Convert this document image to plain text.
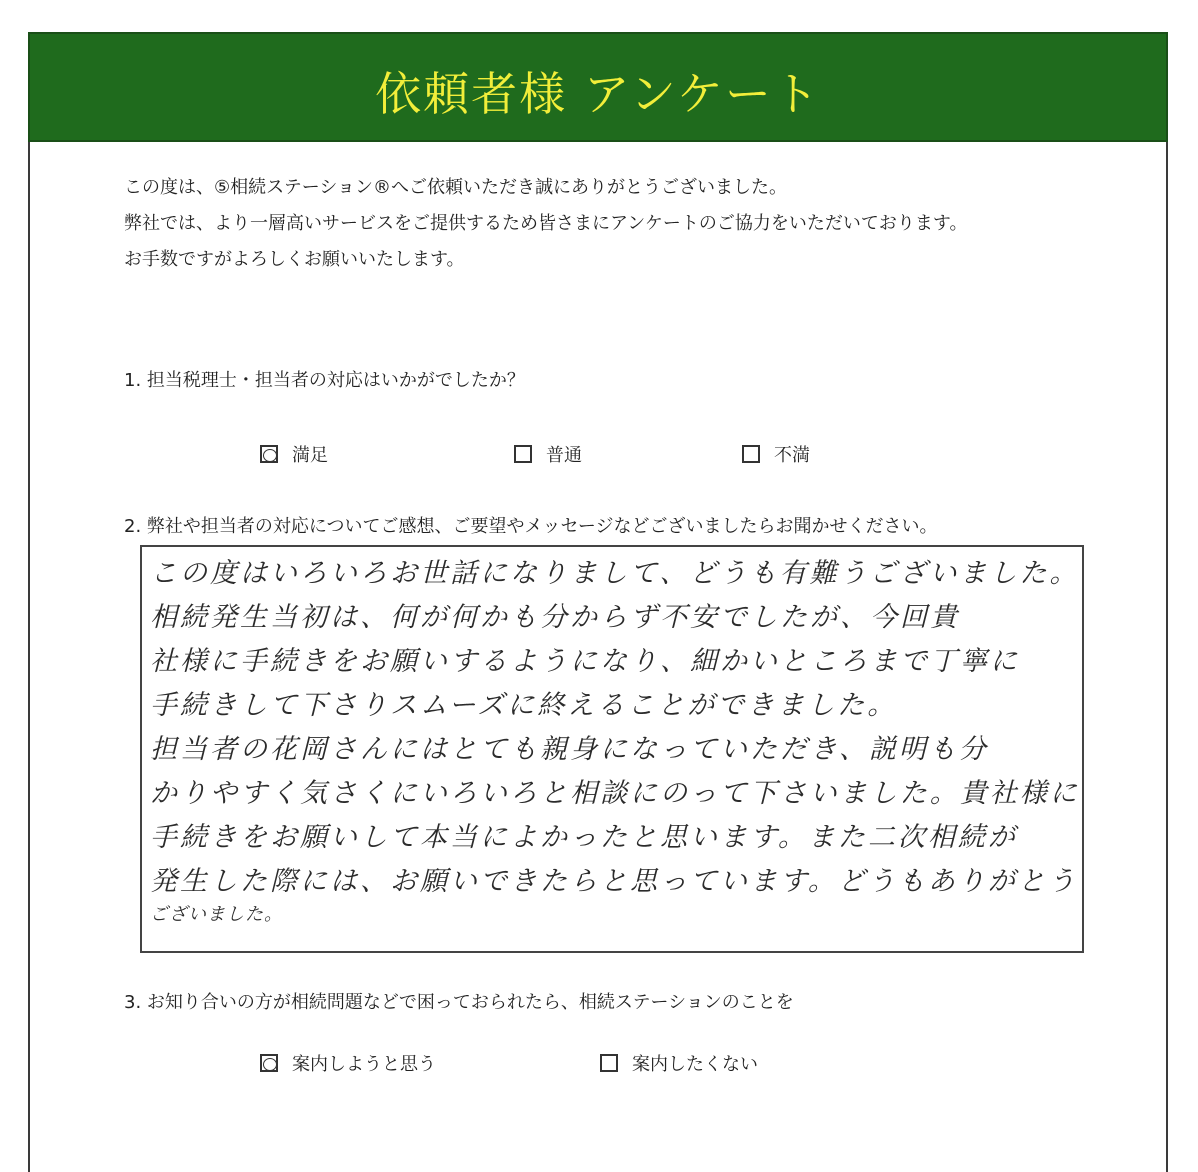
依頼者様 アンケート
この度は、⑤相続ステーション®へご依頼いただき誠にありがとうございました。
弊社では、より一層高いサービスをご提供するため皆さまにアンケートのご協力をいただいております。
お手数ですがよろしくお願いいたします。
1. 担当税理士・担当者の対応はいかがでしたか？
満足	普通	不満
2. 弊社や担当者の対応についてご感想、ご要望やメッセージなどございましたらお聞かせください。
この度はいろいろお世話になりまして、どうも有難うございました。
相続発生当初は、何が何かも分からず不安でしたが、今回貴
社様に手続きをお願いするようになり、細かいところまで丁寧に
手続きして下さりスムーズに終えることができました。
担当者の花岡さんにはとても親身になっていただき、説明も分
かりやすく気さくにいろいろと相談にのって下さいました。貴社様に
手続きをお願いして本当によかったと思います。また二次相続が
発生した際には、お願いできたらと思っています。どうもありがとう
ございました。
3. お知り合いの方が相続問題などで困っておられたら、相続ステーションのことを
案内しようと思う	案内したくない
